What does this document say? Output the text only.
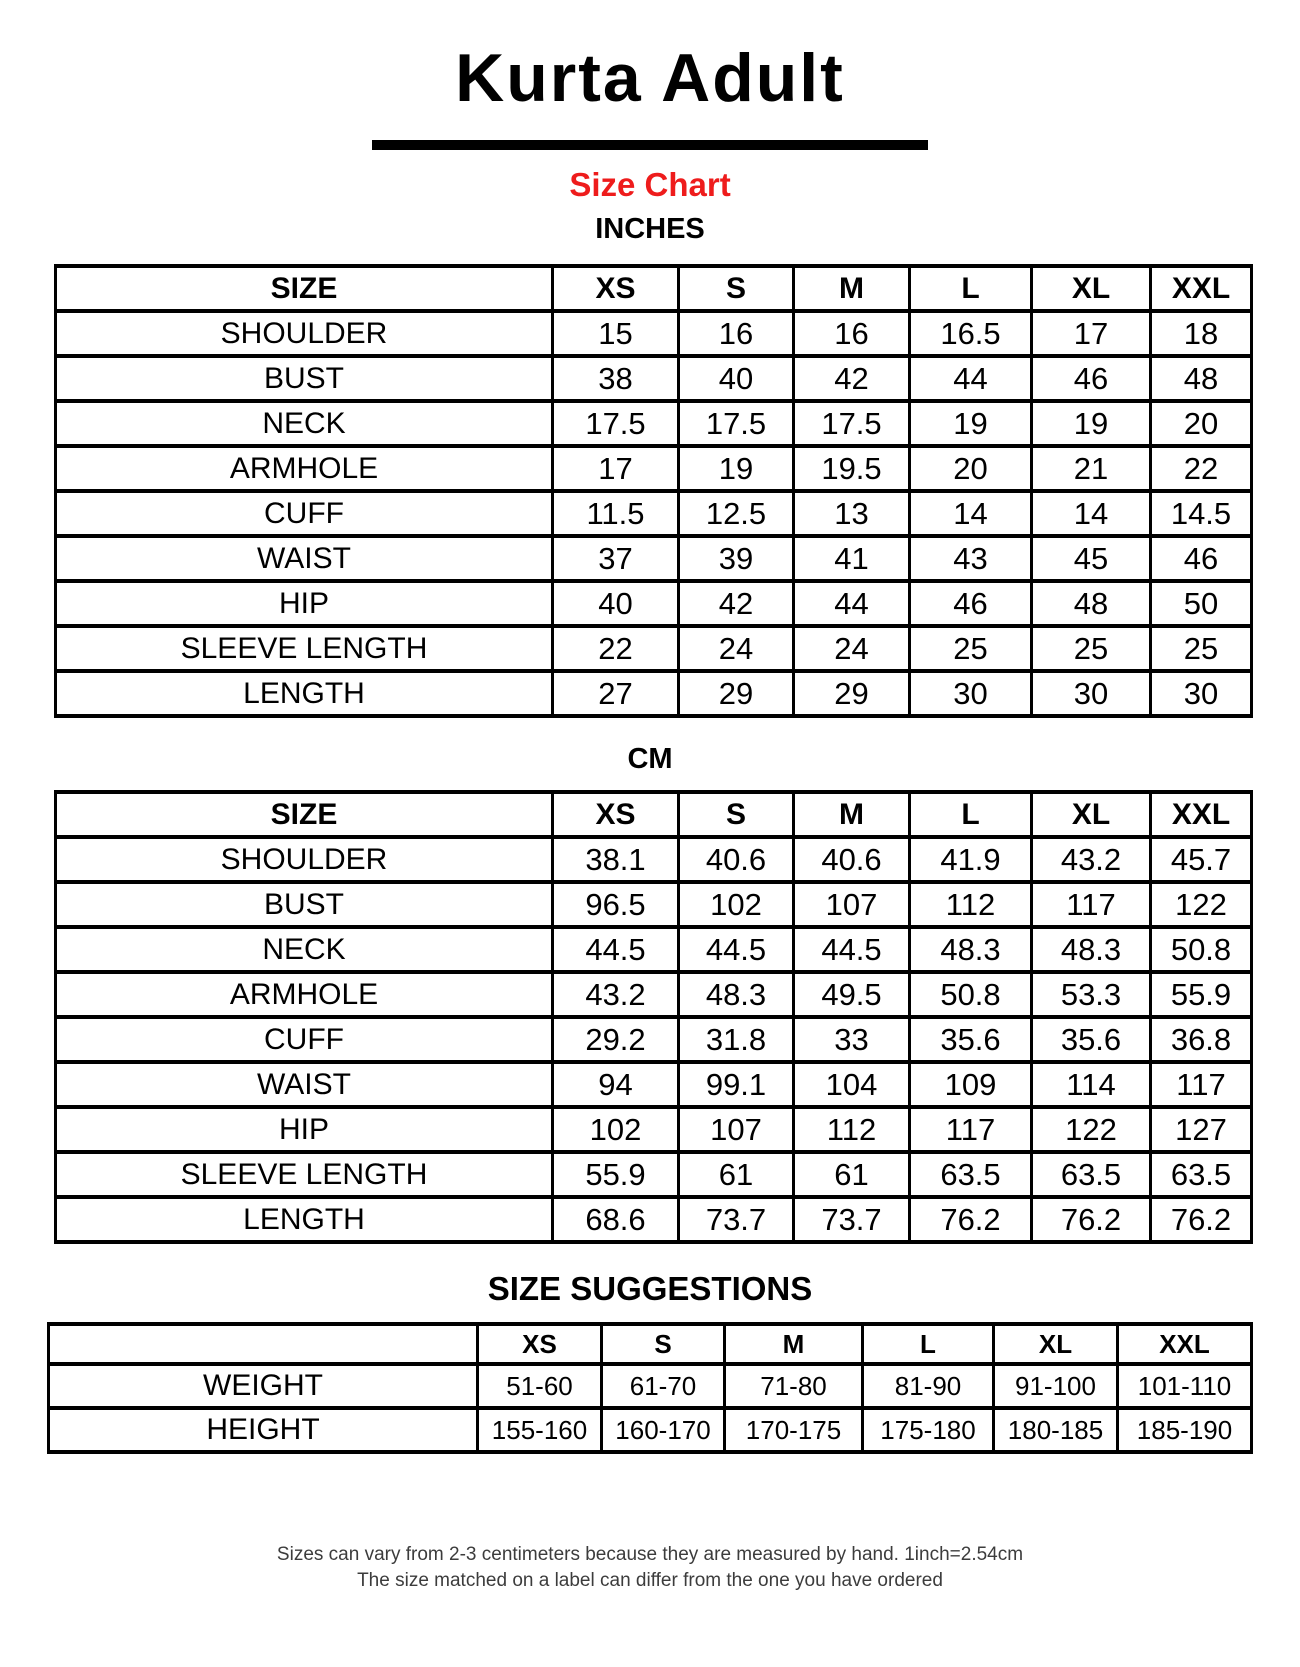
Kurta Adult
Size Chart
INCHES
SIZE	XS	S	M	L	XL	XXL
SHOULDER	15	16	16	16.5	17	18
BUST	38	40	42	44	46	48
NECK	17.5	17.5	17.5	19	19	20
ARMHOLE	17	19	19.5	20	21	22
CUFF	11.5	12.5	13	14	14	14.5
WAIST	37	39	41	43	45	46
HIP	40	42	44	46	48	50
SLEEVE LENGTH	22	24	24	25	25	25
LENGTH	27	29	29	30	30	30
CM
SIZE	XS	S	M	L	XL	XXL
SHOULDER	38.1	40.6	40.6	41.9	43.2	45.7
BUST	96.5	102	107	112	117	122
NECK	44.5	44.5	44.5	48.3	48.3	50.8
ARMHOLE	43.2	48.3	49.5	50.8	53.3	55.9
CUFF	29.2	31.8	33	35.6	35.6	36.8
WAIST	94	99.1	104	109	114	117
HIP	102	107	112	117	122	127
SLEEVE LENGTH	55.9	61	61	63.5	63.5	63.5
LENGTH	68.6	73.7	73.7	76.2	76.2	76.2
SIZE SUGGESTIONS
	XS	S	M	L	XL	XXL
WEIGHT	51-60	61-70	71-80	81-90	91-100	101-110
HEIGHT	155-160	160-170	170-175	175-180	180-185	185-190
Sizes can vary from 2-3 centimeters because they are measured by hand. 1inch=2.54cm
The size matched on a label can differ from the one you have ordered
